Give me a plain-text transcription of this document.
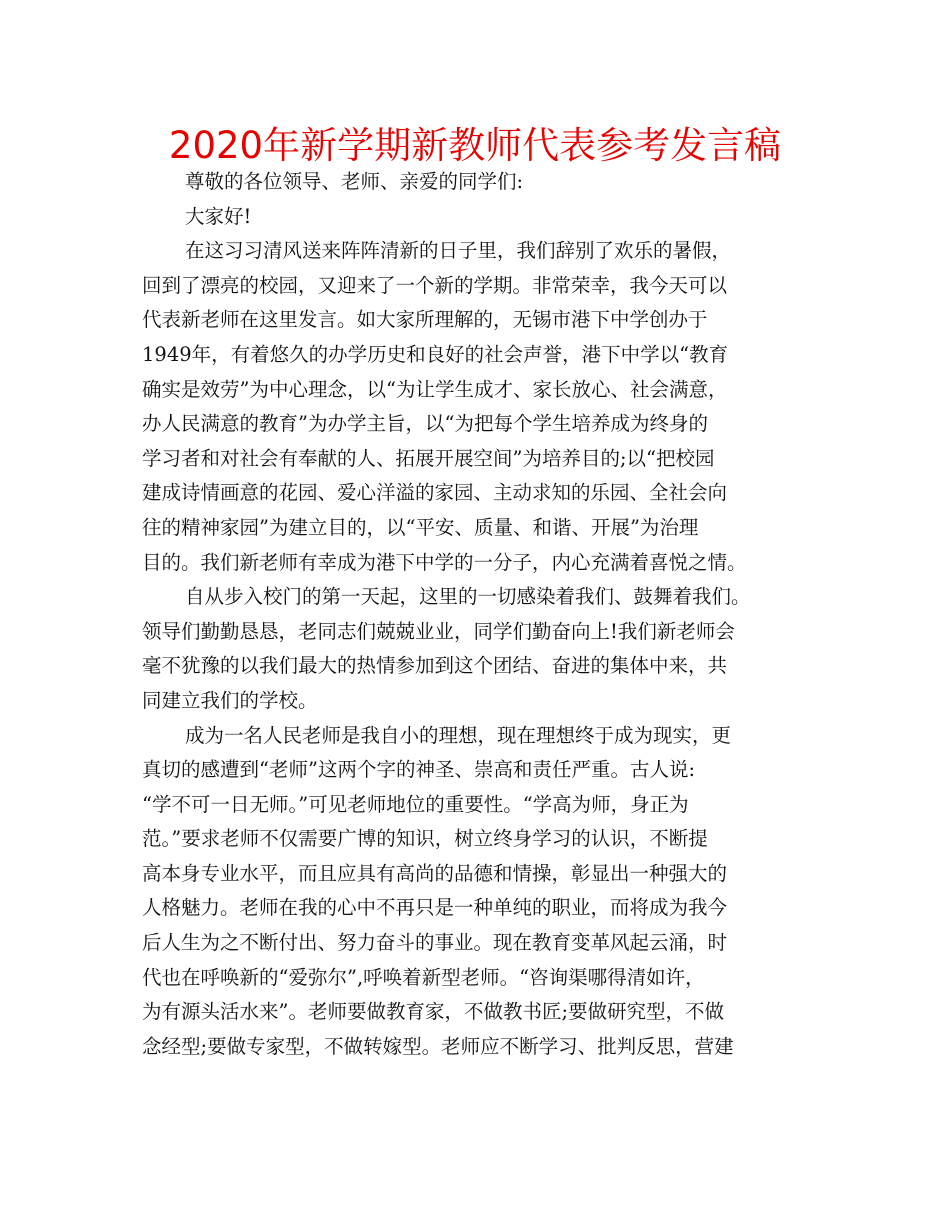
2020年新学期新教师代表参考发言稿

尊敬的各位领导、老师、亲爱的同学们:

大家好!

在这习习清风送来阵阵清新的日子里，我们辞别了欢乐的暑假，

回到了漂亮的校园，又迎来了一个新的学期。非常荣幸，我今天可以

代表新老师在这里发言。如大家所理解的，无锡市港下中学创办于

1949年，有着悠久的办学历史和良好的社会声誉，港下中学以“教育

确实是效劳”为中心理念，以“为让学生成才、家长放心、社会满意，

办人民满意的教育”为办学主旨，以“为把每个学生培养成为终身的

学习者和对社会有奉献的人、拓展开展空间”为培养目的;以“把校园

建成诗情画意的花园、爱心洋溢的家园、主动求知的乐园、全社会向

往的精神家园”为建立目的，以“平安、质量、和谐、开展”为治理

目的。我们新老师有幸成为港下中学的一分子，内心充满着喜悦之情。

自从步入校门的第一天起，这里的一切感染着我们、鼓舞着我们。

领导们勤勤恳恳，老同志们兢兢业业，同学们勤奋向上!我们新老师会

毫不犹豫的以我们最大的热情参加到这个团结、奋进的集体中来，共

同建立我们的学校。

成为一名人民老师是我自小的理想，现在理想终于成为现实，更

真切的感遭到“老师”这两个字的神圣、崇高和责任严重。古人说:

“学不可一日无师。”可见老师地位的重要性。“学高为师，身正为

范。”要求老师不仅需要广博的知识，树立终身学习的认识，不断提

高本身专业水平，而且应具有高尚的品德和情操，彰显出一种强大的

人格魅力。老师在我的心中不再只是一种单纯的职业，而将成为我今

后人生为之不断付出、努力奋斗的事业。现在教育变革风起云涌，时

代也在呼唤新的“爱弥尔”,呼唤着新型老师。“咨询渠哪得清如许，

为有源头活水来”。老师要做教育家，不做教书匠;要做研究型，不做

念经型;要做专家型，不做转嫁型。老师应不断学习、批判反思，营建
